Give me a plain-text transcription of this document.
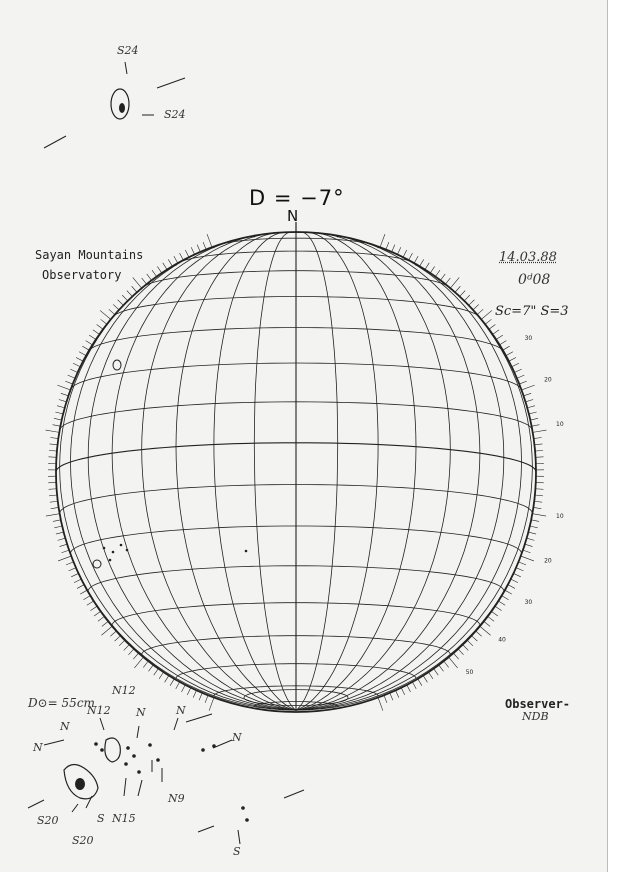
30
20
10
10
20
30
40
50
D = −7°
N
Sayan Mountains
Observatory
14.03.88
0ᵈ08
Sc=7" S=3
D⊙= 55cm	Observer-
NDB
S24
S24
N12
N12 N	N
N
N
N
N9
N15
S20
S20
S
S
